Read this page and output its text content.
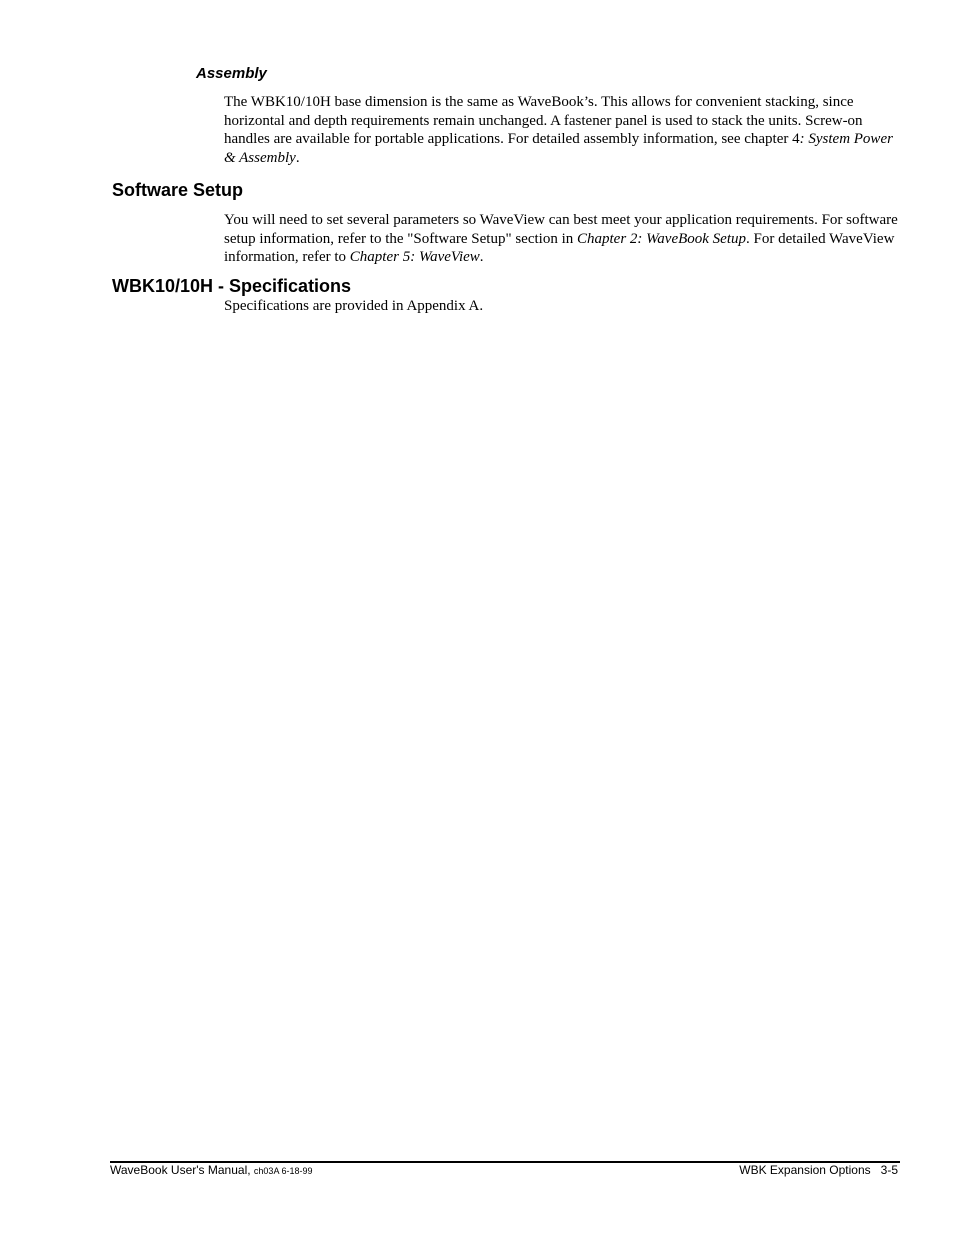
Assembly

The WBK10/10H base dimension is the same as WaveBook’s. This allows for convenient stacking, since horizontal and depth requirements remain unchanged. A fastener panel is used to stack the units. Screw-on handles are available for portable applications. For detailed assembly information, see chapter 4: System Power & Assembly.

Software Setup

You will need to set several parameters so WaveView can best meet your application requirements. For software setup information, refer to the "Software Setup" section in Chapter 2: WaveBook Setup. For detailed WaveView information, refer to Chapter 5: WaveView.

WBK10/10H - Specifications

Specifications are provided in Appendix A.

WaveBook User's Manual, ch03A 6-18-99	WBK Expansion Options 3-5
